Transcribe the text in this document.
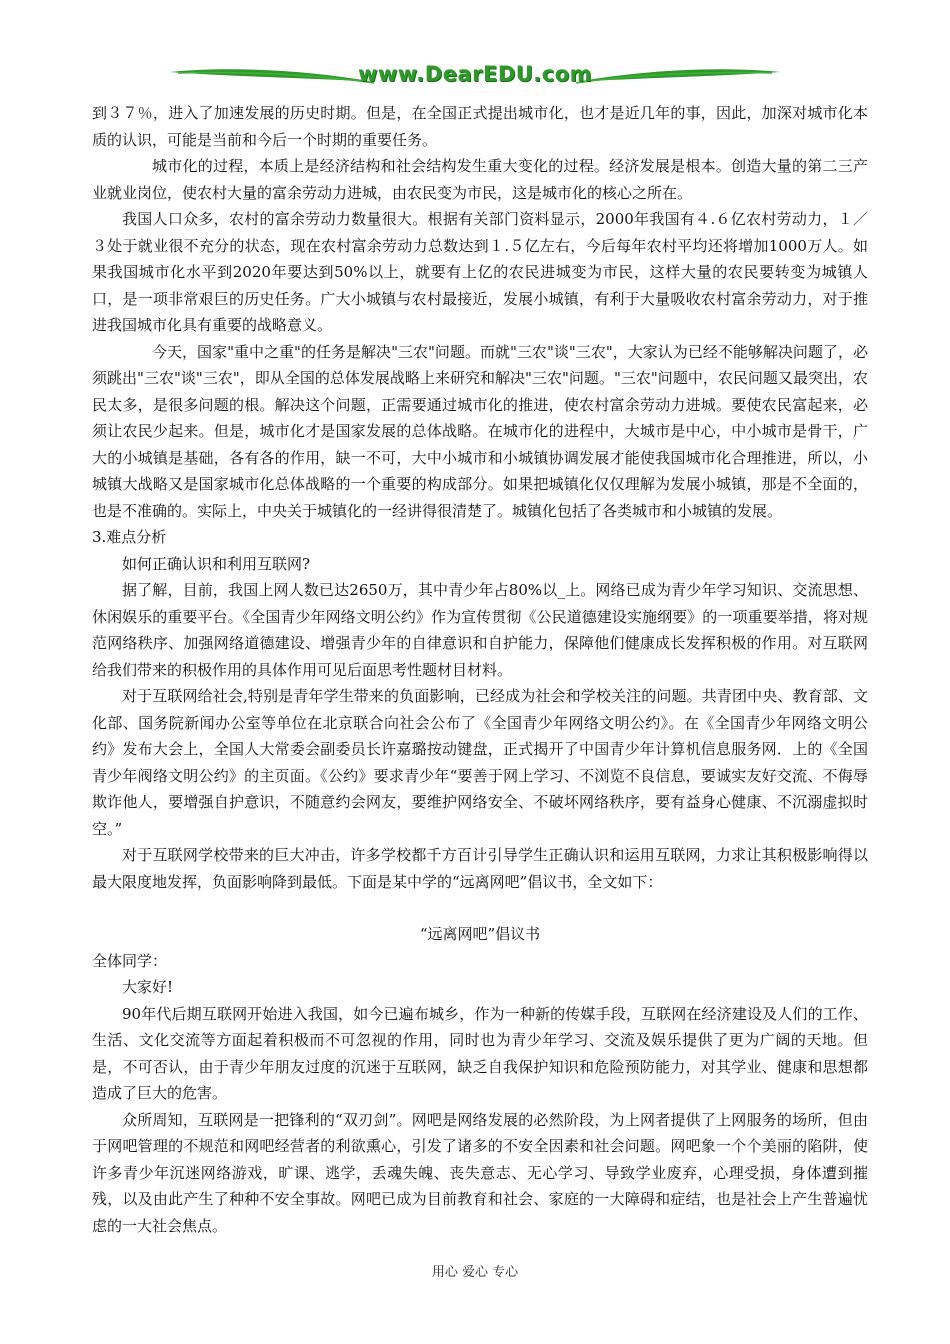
www.DearEDU.com

到３７％，进入了加速发展的历史时期。但是，在全国正式提出城市化，也才是近几年的事，因此，加深对城市化本质的认识，可能是当前和今后一个时期的重要任务。

城市化的过程，本质上是经济结构和社会结构发生重大变化的过程。经济发展是根本。创造大量的第二三产业就业岗位，使农村大量的富余劳动力进城，由农民变为市民，这是城市化的核心之所在。

我国人口众多，农村的富余劳动力数量很大。根据有关部门资料显示，2000年我国有４.６亿农村劳动力，１／３处于就业很不充分的状态，现在农村富余劳动力总数达到１.５亿左右，今后每年农村平均还将增加1000万人。如果我国城市化水平到2020年要达到50%以上，就要有上亿的农民进城变为市民，这样大量的农民要转变为城镇人口，是一项非常艰巨的历史任务。广大小城镇与农村最接近，发展小城镇，有利于大量吸收农村富余劳动力，对于推进我国城市化具有重要的战略意义。

今天，国家"重中之重"的任务是解决"三农"问题。而就"三农"谈"三农"，大家认为已经不能够解决问题了，必须跳出"三农"谈"三农"，即从全国的总体发展战略上来研究和解决"三农"问题。"三农"问题中，农民问题又最突出，农民太多，是很多问题的根。解决这个问题，正需要通过城市化的推进，使农村富余劳动力进城。要使农民富起来，必须让农民少起来。但是，城市化才是国家发展的总体战略。在城市化的进程中，大城市是中心，中小城市是骨干，广大的小城镇是基础，各有各的作用，缺一不可，大中小城市和小城镇协调发展才能使我国城市化合理推进，所以，小城镇大战略又是国家城市化总体战略的一个重要的构成部分。如果把城镇化仅仅理解为发展小城镇，那是不全面的，也是不准确的。实际上，中央关于城镇化的一经讲得很清楚了。城镇化包括了各类城市和小城镇的发展。

3.难点分析

如何正确认识和利用互联网?

据了解，目前，我国上网人数已达2650万，其中青少年占80%以_上。网络已成为青少年学习知识、交流思想、休闲娱乐的重要平台。《全国青少年网络文明公约》作为宣传贯彻《公民道德建设实施纲要》的一项重要举措，将对规范网络秩序、加强网络道德建设、增强青少年的自律意识和自护能力，保障他们健康成长发挥积极的作用。对互联网给我们带来的积极作用的具体作用可见后面思考性题材目材料。

对于互联网给社会,特别是青年学生带来的负面影响，已经成为社会和学校关注的问题。共青团中央、教育部、文化部、国务院新闻办公室等单位在北京联合向社会公布了《全国青少年网络文明公约》。在《全国青少年网络文明公约》发布大会上，全国人大常委会副委员长许嘉璐按动键盘，正式揭开了中国青少年计算机信息服务网．上的《全国青少年阀络文明公约》的主页面。《公约》要求青少年“要善于网上学习、不浏览不良信息，要诚实友好交流、不侮辱欺诈他人，要增强自护意识，不随意约会网友，要维护网络安全、不破坏网络秩序，要有益身心健康、不沉溺虚拟时空。”

对于互联网学校带来的巨大冲击，许多学校都千方百计引导学生正确认识和运用互联网，力求让其积极影响得以最大限度地发挥，负面影响降到最低。下面是某中学的“远离网吧”倡议书，全文如下：

“远离网吧”倡议书

全体同学：

大家好!

90年代后期互联网开始进入我国，如今已遍布城乡，作为一种新的传媒手段，互联网在经济建设及人们的工作、生活、文化交流等方面起着积极而不可忽视的作用，同时也为青少年学习、交流及娱乐提供了更为广阔的天地。但是，不可否认，由于青少年朋友过度的沉迷于互联网，缺乏自我保护知识和危险预防能力，对其学业、健康和思想都造成了巨大的危害。

众所周知，互联网是一把锋利的“双刃剑”。网吧是网络发展的必然阶段，为上网者提供了上网服务的场所，但由于网吧管理的不规范和网吧经营者的利欲熏心，引发了诸多的不安全因素和社会问题。网吧象一个个美丽的陷阱，使许多青少年沉迷网络游戏，旷课、逃学，丢魂失魄、丧失意志、无心学习、导致学业废弃，心理受损，身体遭到摧残，以及由此产生了种种不安全事故。网吧已成为目前教育和社会、家庭的一大障碍和症结，也是社会上产生普遍忧虑的一大社会焦点。

用心 爱心 专心
